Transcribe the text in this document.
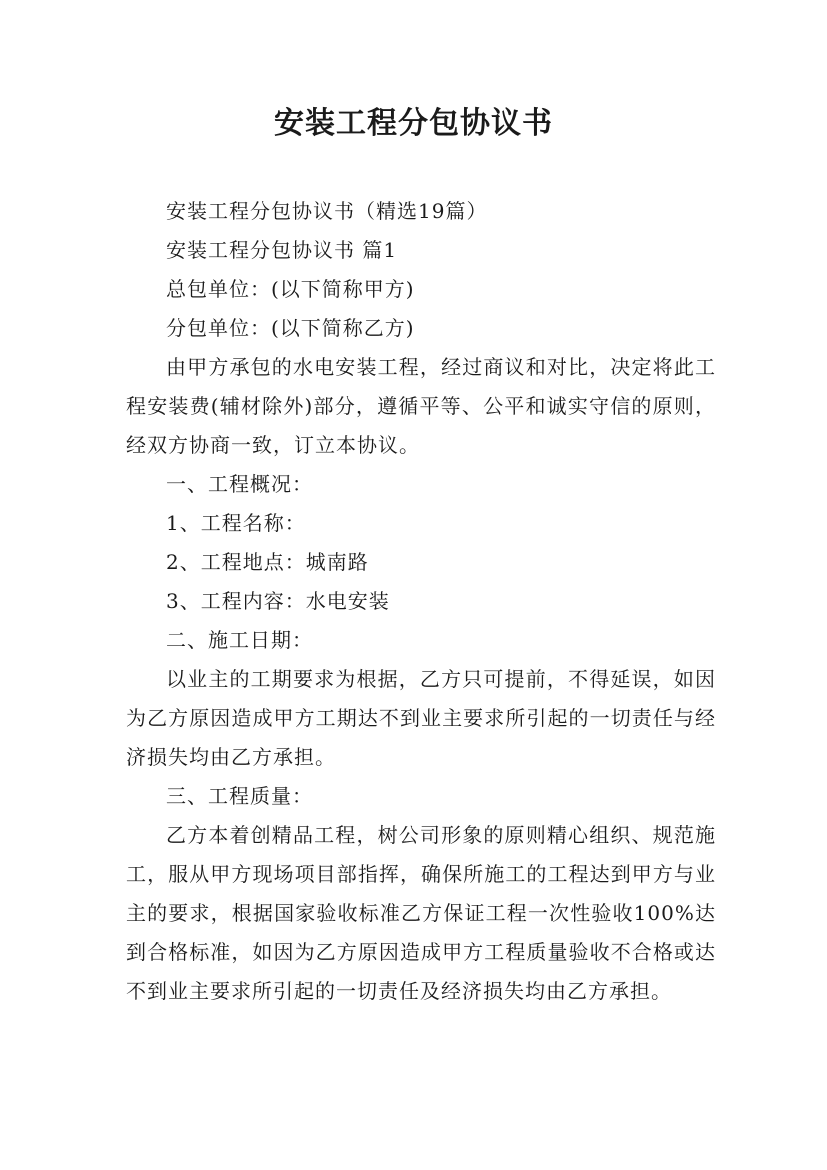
安装工程分包协议书

安装工程分包协议书（精选19篇）

安装工程分包协议书 篇1

总包单位：(以下简称甲方)

分包单位：(以下简称乙方)

由甲方承包的水电安装工程，经过商议和对比，决定将此工程安装费(辅材除外)部分，遵循平等、公平和诚实守信的原则，经双方协商一致，订立本协议。

一、工程概况：

1、工程名称：

2、工程地点：城南路

3、工程内容：水电安装

二、施工日期：

以业主的工期要求为根据，乙方只可提前，不得延误，如因为乙方原因造成甲方工期达不到业主要求所引起的一切责任与经济损失均由乙方承担。

三、工程质量：

乙方本着创精品工程，树公司形象的原则精心组织、规范施工，服从甲方现场项目部指挥，确保所施工的工程达到甲方与业主的要求，根据国家验收标准乙方保证工程一次性验收100%达到合格标准，如因为乙方原因造成甲方工程质量验收不合格或达不到业主要求所引起的一切责任及经济损失均由乙方承担。
